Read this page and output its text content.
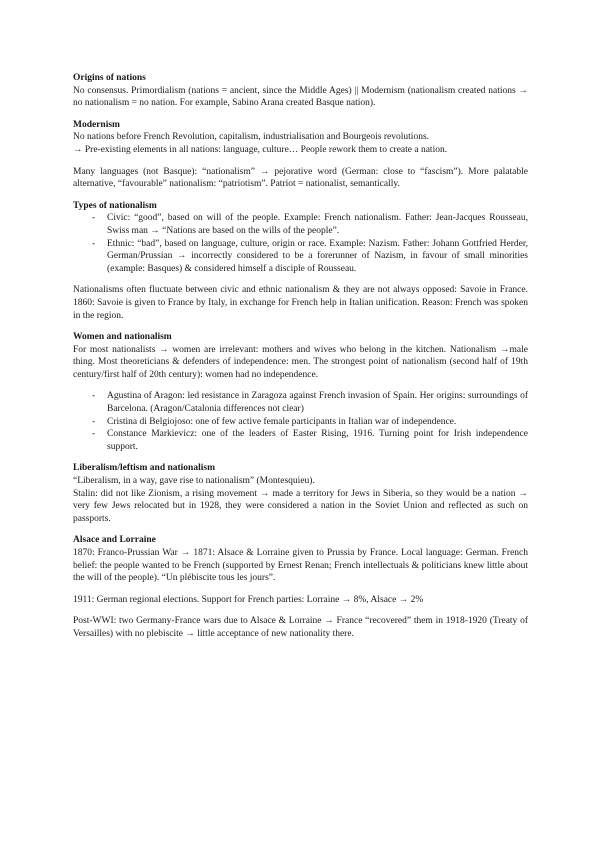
Origins of nations

No consensus. Primordialism (nations = ancient, since the Middle Ages) || Modernism (nationalism created nations → no nationalism = no nation. For example, Sabino Arana created Basque nation).

Modernism

No nations before French Revolution, capitalism, industrialisation and Bourgeois revolutions.

→ Pre-existing elements in all nations: language, culture… People rework them to create a nation.

Many languages (not Basque): “nationalism” → pejorative word (German: close to “fascism”). More palatable alternative, “favourable” nationalism: “patriotism”. Patriot = nationalist, semantically.

Types of nationalism
- Civic: “good”, based on will of the people. Example: French nationalism. Father: Jean-Jacques Rousseau, Swiss man → “Nations are based on the wills of the people”.
- Ethnic: “bad”, based on language, culture, origin or race. Example: Nazism. Father: Johann Gottfried Herder, German/Prussian → incorrectly considered to be a forerunner of Nazism, in favour of small minorities (example: Basques) & considered himself a disciple of Rousseau.

Nationalisms often fluctuate between civic and ethnic nationalism & they are not always opposed: Savoie in France. 1860: Savoie is given to France by Italy, in exchange for French help in Italian unification. Reason: French was spoken in the region.

Women and nationalism

For most nationalists → women are irrelevant: mothers and wives who belong in the kitchen. Nationalism →male thing. Most theoreticians & defenders of independence: men. The strongest point of nationalism (second half of 19th century/first half of 20th century): women had no independence.

- Agustina of Aragon: led resistance in Zaragoza against French invasion of Spain. Her origins: surroundings of Barcelona. (Aragon/Catalonia differences not clear)
- Cristina di Belgiojoso: one of few active female participants in Italian war of independence.
- Constance Markievicz: one of the leaders of Easter Rising, 1916. Turning point for Irish independence support.
Liberalism/leftism and nationalism

“Liberalism, in a way, gave rise to nationalism” (Montesquieu).

Stalin: did not like Zionism, a rising movement → made a territory for Jews in Siberia, so they would be a nation → very few Jews relocated but in 1928, they were considered a nation in the Soviet Union and reflected as such on passports.

Alsace and Lorraine

1870: Franco-Prussian War → 1871: Alsace & Lorraine given to Prussia by France. Local language: German. French belief: the people wanted to be French (supported by Ernest Renan; French intellectuals & politicians knew little about the will of the people). “Un plébiscite tous les jours”.

1911: German regional elections. Support for French parties: Lorraine → 8%, Alsace → 2%

Post-WWI: two Germany-France wars due to Alsace & Lorraine → France “recovered” them in 1918-1920 (Treaty of Versailles) with no plebiscite → little acceptance of new nationality there.
